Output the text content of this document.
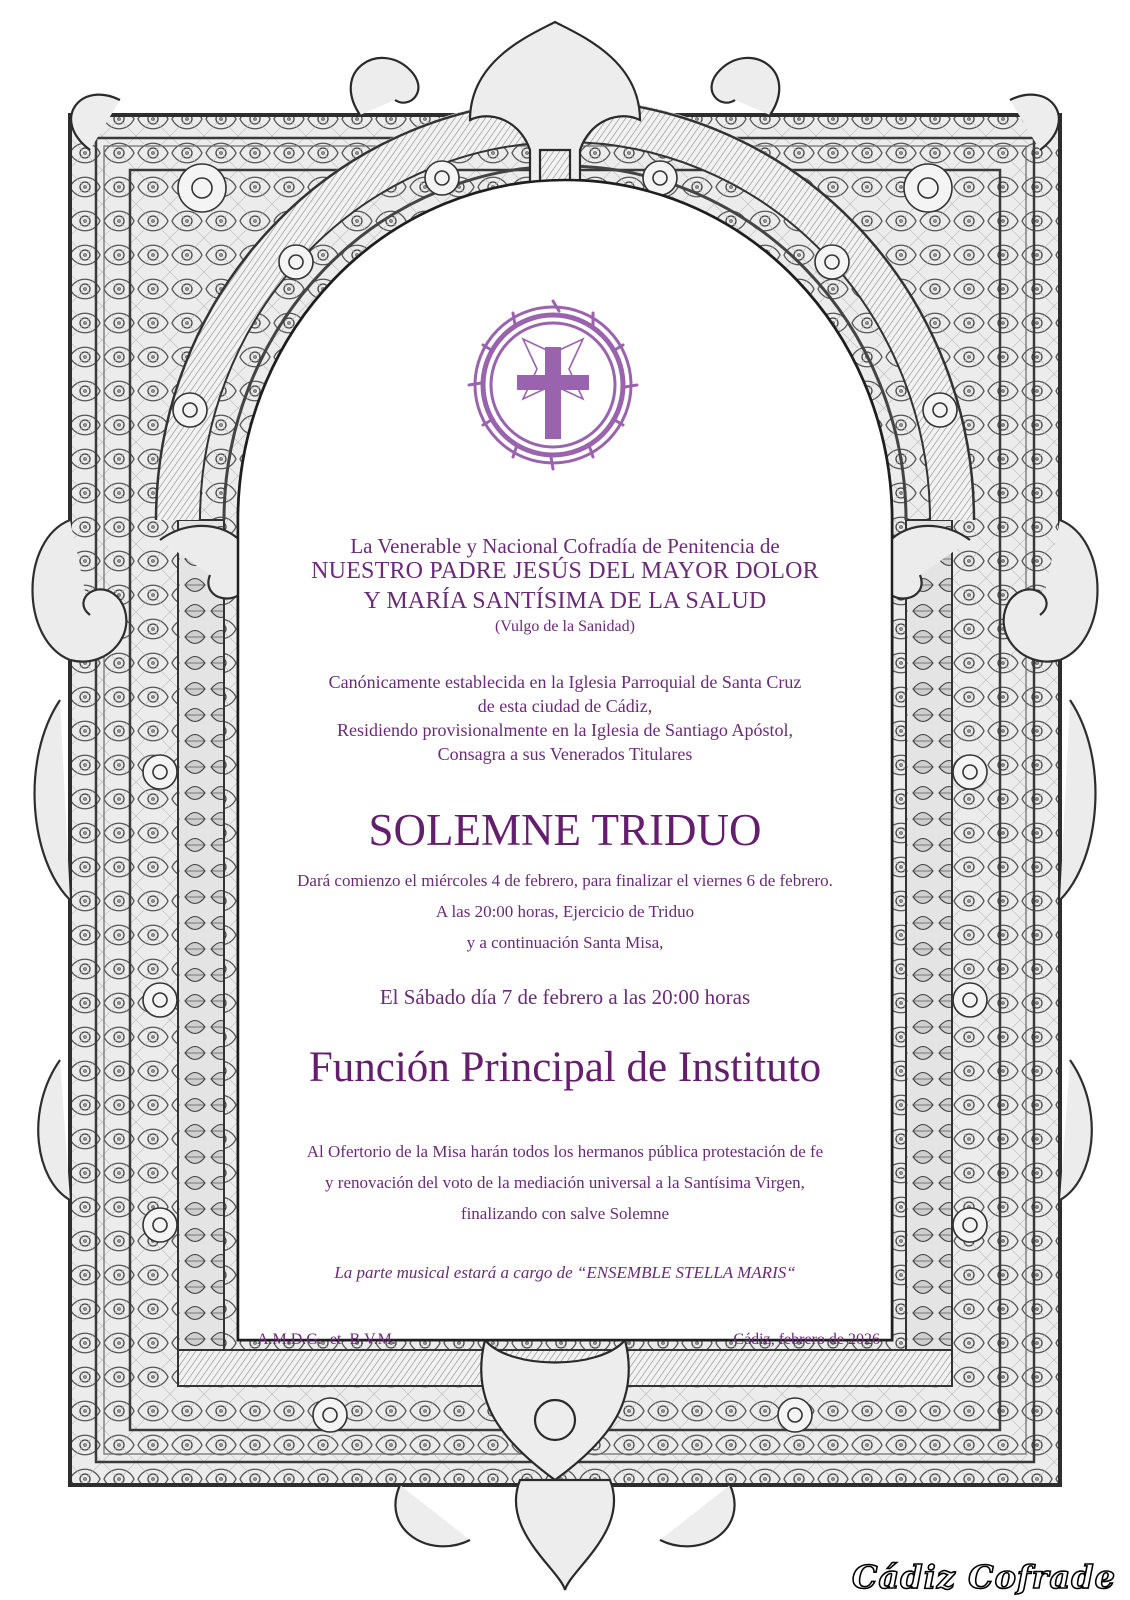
La Venerable y Nacional Cofradía de Penitencia de
NUESTRO PADRE JESÚS DEL MAYOR DOLOR
Y MARÍA SANTÍSIMA DE LA SALUD
(Vulgo de la Sanidad)
Canónicamente establecida en la Iglesia Parroquial de Santa Cruz
de esta ciudad de Cádiz,
Residiendo provisionalmente en la Iglesia de Santiago Apóstol,
Consagra a sus Venerados Titulares
SOLEMNE TRIDUO
Dará comienzo el miércoles 4 de febrero, para finalizar el viernes 6 de febrero.
A las 20:00 horas, Ejercicio de Triduo
y a continuación Santa Misa,
El Sábado día 7 de febrero a las 20:00 horas
Función Principal de Instituto
Al Ofertorio de la Misa harán todos los hermanos pública protestación de fe
y renovación del voto de la mediación universal a la Santísima Virgen,
finalizando con salve Solemne
La parte musical estará a cargo de “ENSEMBLE STELLA MARIS“
A.M.D.G.  et  B.V.M.	Cádiz, febrero de 2026
Cádiz Cofrade
